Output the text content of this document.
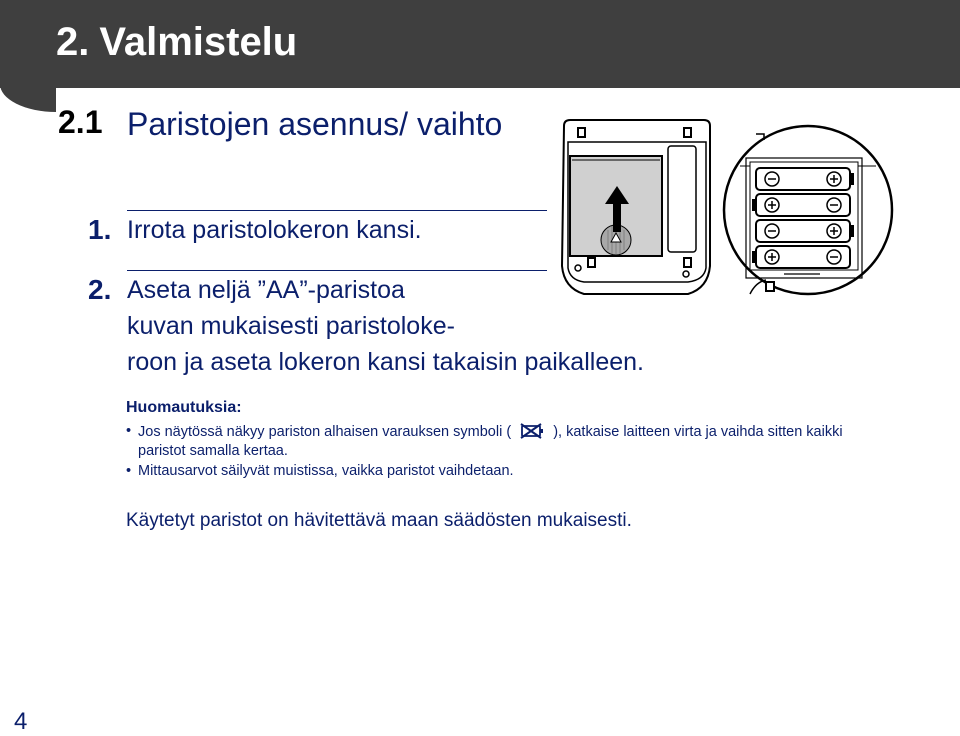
2. Valmistelu
2.1 Paristojen asennus/ vaihto
1. Irrota paristolokeron kansi.
2. Aseta neljä ”AA”-paristoa
kuvan mukaisesti paristoloke-
roon ja aseta lokeron kansi takaisin paikalleen.
Huomautuksia:
• Jos näytössä näkyy pariston alhaisen varauksen symboli (	), katkaise laitteen virta ja vaihda sitten kaikki
paristot samalla kertaa.
• Mittausarvot säilyvät muistissa, vaikka paristot vaihdetaan.
Käytetyt paristot on hävitettävä maan säädösten mukaisesti.
4
